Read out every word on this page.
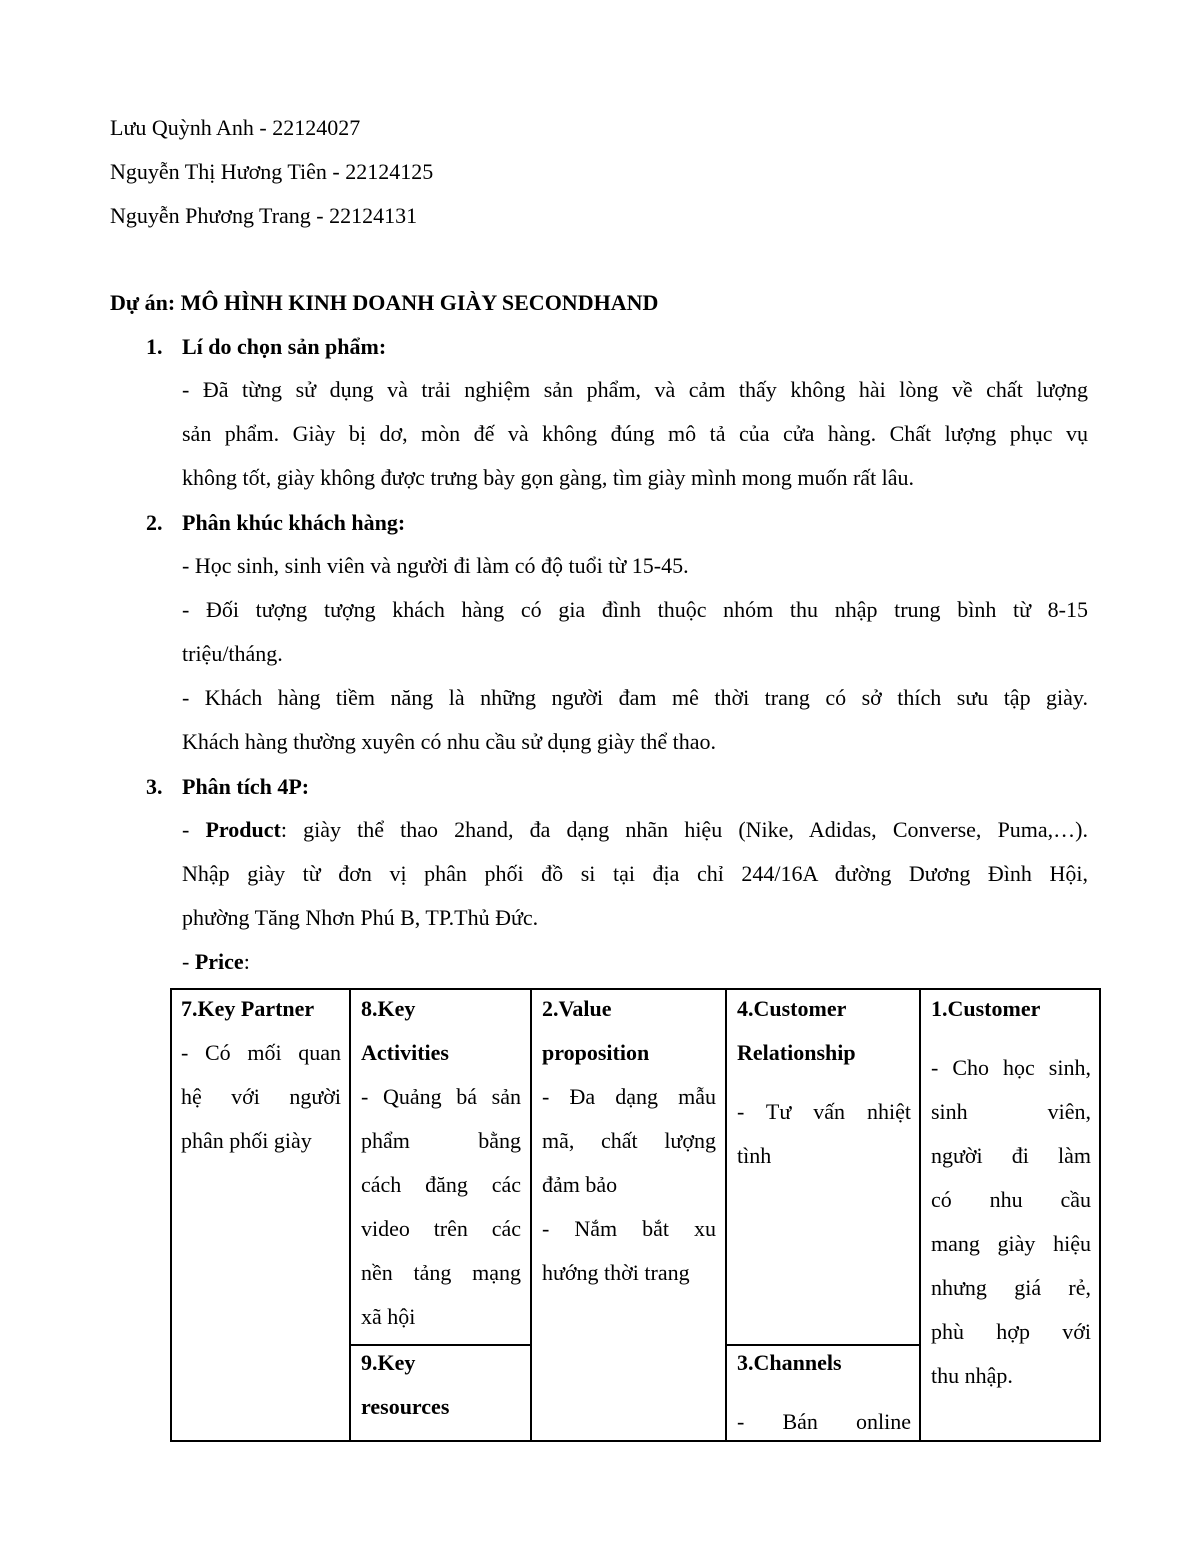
Lưu Quỳnh Anh - 22124027
Nguyễn Thị Hương Tiên - 22124125
Nguyễn Phương Trang - 22124131
Dự án: MÔ HÌNH KINH DOANH GIÀY SECONDHAND
1. Lí do chọn sản phẩm:
- Đã từng sử dụng và trải nghiệm sản phẩm, và cảm thấy không hài lòng về chất lượng
sản phẩm. Giày bị dơ, mòn đế và không đúng mô tả của cửa hàng. Chất lượng phục vụ
không tốt, giày không được trưng bày gọn gàng, tìm giày mình mong muốn rất lâu.
2. Phân khúc khách hàng:
- Học sinh, sinh viên và người đi làm có độ tuổi từ 15-45.
- Đối tượng tượng khách hàng có gia đình thuộc nhóm thu nhập trung bình từ 8-15
triệu/tháng.
- Khách hàng tiềm năng là những người đam mê thời trang có sở thích sưu tập giày.
Khách hàng thường xuyên có nhu cầu sử dụng giày thể thao.
3. Phân tích 4P:
- Product: giày thể thao 2hand, đa dạng nhãn hiệu (Nike, Adidas, Converse, Puma,…).
Nhập giày từ đơn vị phân phối đồ si tại địa chỉ 244/16A đường Dương Đình Hội,
phường Tăng Nhơn Phú B, TP.Thủ Đức.
- Price:
7.Key Partner
- Có mối quan
hệ với người
phân phối giày
8.Key
Activities
- Quảng bá sản
phẩm bằng
cách đăng các
video trên các
nền tảng mạng
xã hội
9.Key
resources
2.Value
proposition
- Đa dạng mẫu
mã, chất lượng
đảm bảo
- Nắm bắt xu
hướng thời trang
4.Customer
Relationship
- Tư vấn nhiệt
tình
3.Channels
- Bán online
1.Customer
- Cho học sinh,
sinh viên,
người đi làm
có nhu cầu
mang giày hiệu
nhưng giá rẻ,
phù hợp với
thu nhập.
